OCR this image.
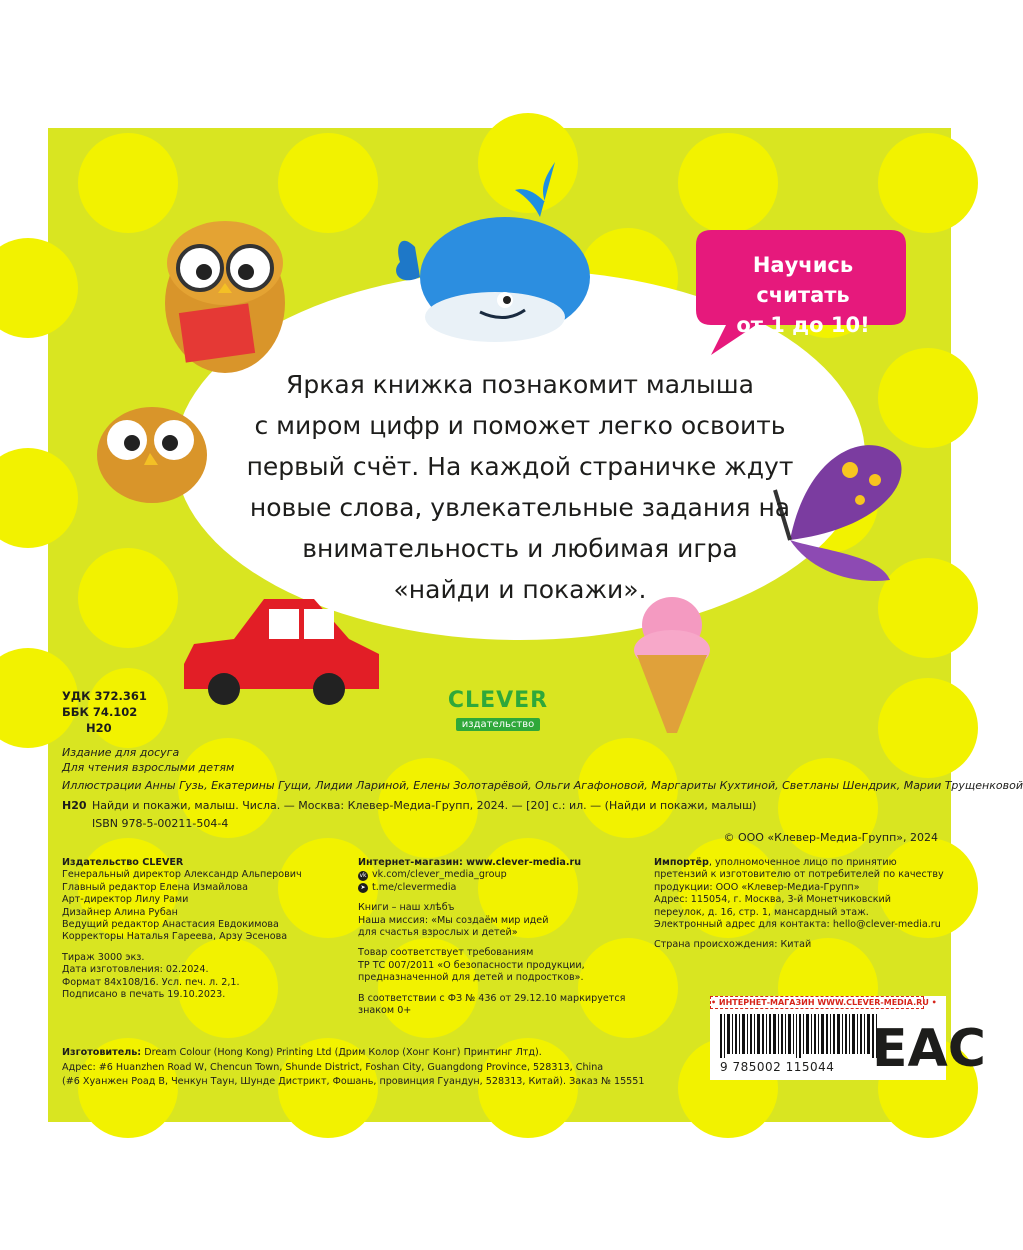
Научись считать
от 1 до 10!
Яркая книжка познакомит малыша
с миром цифр и поможет легко освоить
первый счёт. На каждой страничке ждут
новые слова, увлекательные задания на
внимательность и любимая игра
«найди и покажи».
CLEVER
издательство
УДК 372.361
ББК 74.102
Н20
Издание для досуга
Для чтения взрослыми детям
Иллюстрации Анны Гузь, Екатерины Гущи, Лидии Лариной, Елены Золотарёвой, Ольги Агафоновой, Маргариты Кухтиной, Светланы Шендрик, Марии Трущенковой
Н20 Найди и покажи, малыш. Числа. — Москва: Клевер-Медиа-Групп, 2024. — [20] с.: ил. — (Найди и покажи, малыш)
ISBN 978-5-00211-504-4
© ООО «Клевер-Медиа-Групп», 2024
Издательство CLEVER
Генеральный директор Александр Альперович
Главный редактор Елена Измайлова
Арт-директор Лилу Рами
Дизайнер Алина Рубан
Ведущий редактор Анастасия Евдокимова
Корректоры Наталья Гареева, Арзу Эсенова
Тираж 3000 экз.
Дата изготовления: 02.2024.
Формат 84х108/16. Усл. печ. л. 2,1.
Подписано в печать 19.10.2023.
Интернет-магазин: www.clever-media.ru
vk vk.com/clever_media_group
➤ t.me/clevermedia
Книги – наш хлѣбъ
Наша миссия: «Мы создаём мир идей
для счастья взрослых и детей»
Товар соответствует требованиям
ТР ТС 007/2011 «О безопасности продукции,
предназначенной для детей и подростков».
В соответствии с ФЗ № 436 от 29.12.10 маркируется
знаком 0+
Импортёр, уполномоченное лицо по принятию
претензий к изготовителю от потребителей по качеству
продукции: ООО «Клевер-Медиа-Групп»
Адрес: 115054, г. Москва, 3-й Монетчиковский
переулок, д. 16, стр. 1, мансардный этаж.
Электронный адрес для контакта: hello@clever-media.ru
Страна происхождения: Китай
• ИНТЕРНЕТ-МАГАЗИН WWW.CLEVER-MEDIA.RU •
9 785002 115044 EAC
Изготовитель: Dream Colour (Hong Kong) Printing Ltd (Дрим Колор (Хонг Конг) Принтинг Лтд).
Адрес: #6 Huanzhen Road W, Chencun Town, Shunde District, Foshan City, Guangdong Province, 528313, China
(#6 Хуанжен Роад В, Ченкун Таун, Шунде Дистрикт, Фошань, провинция Гуандун, 528313, Китай). Заказ № 15551
